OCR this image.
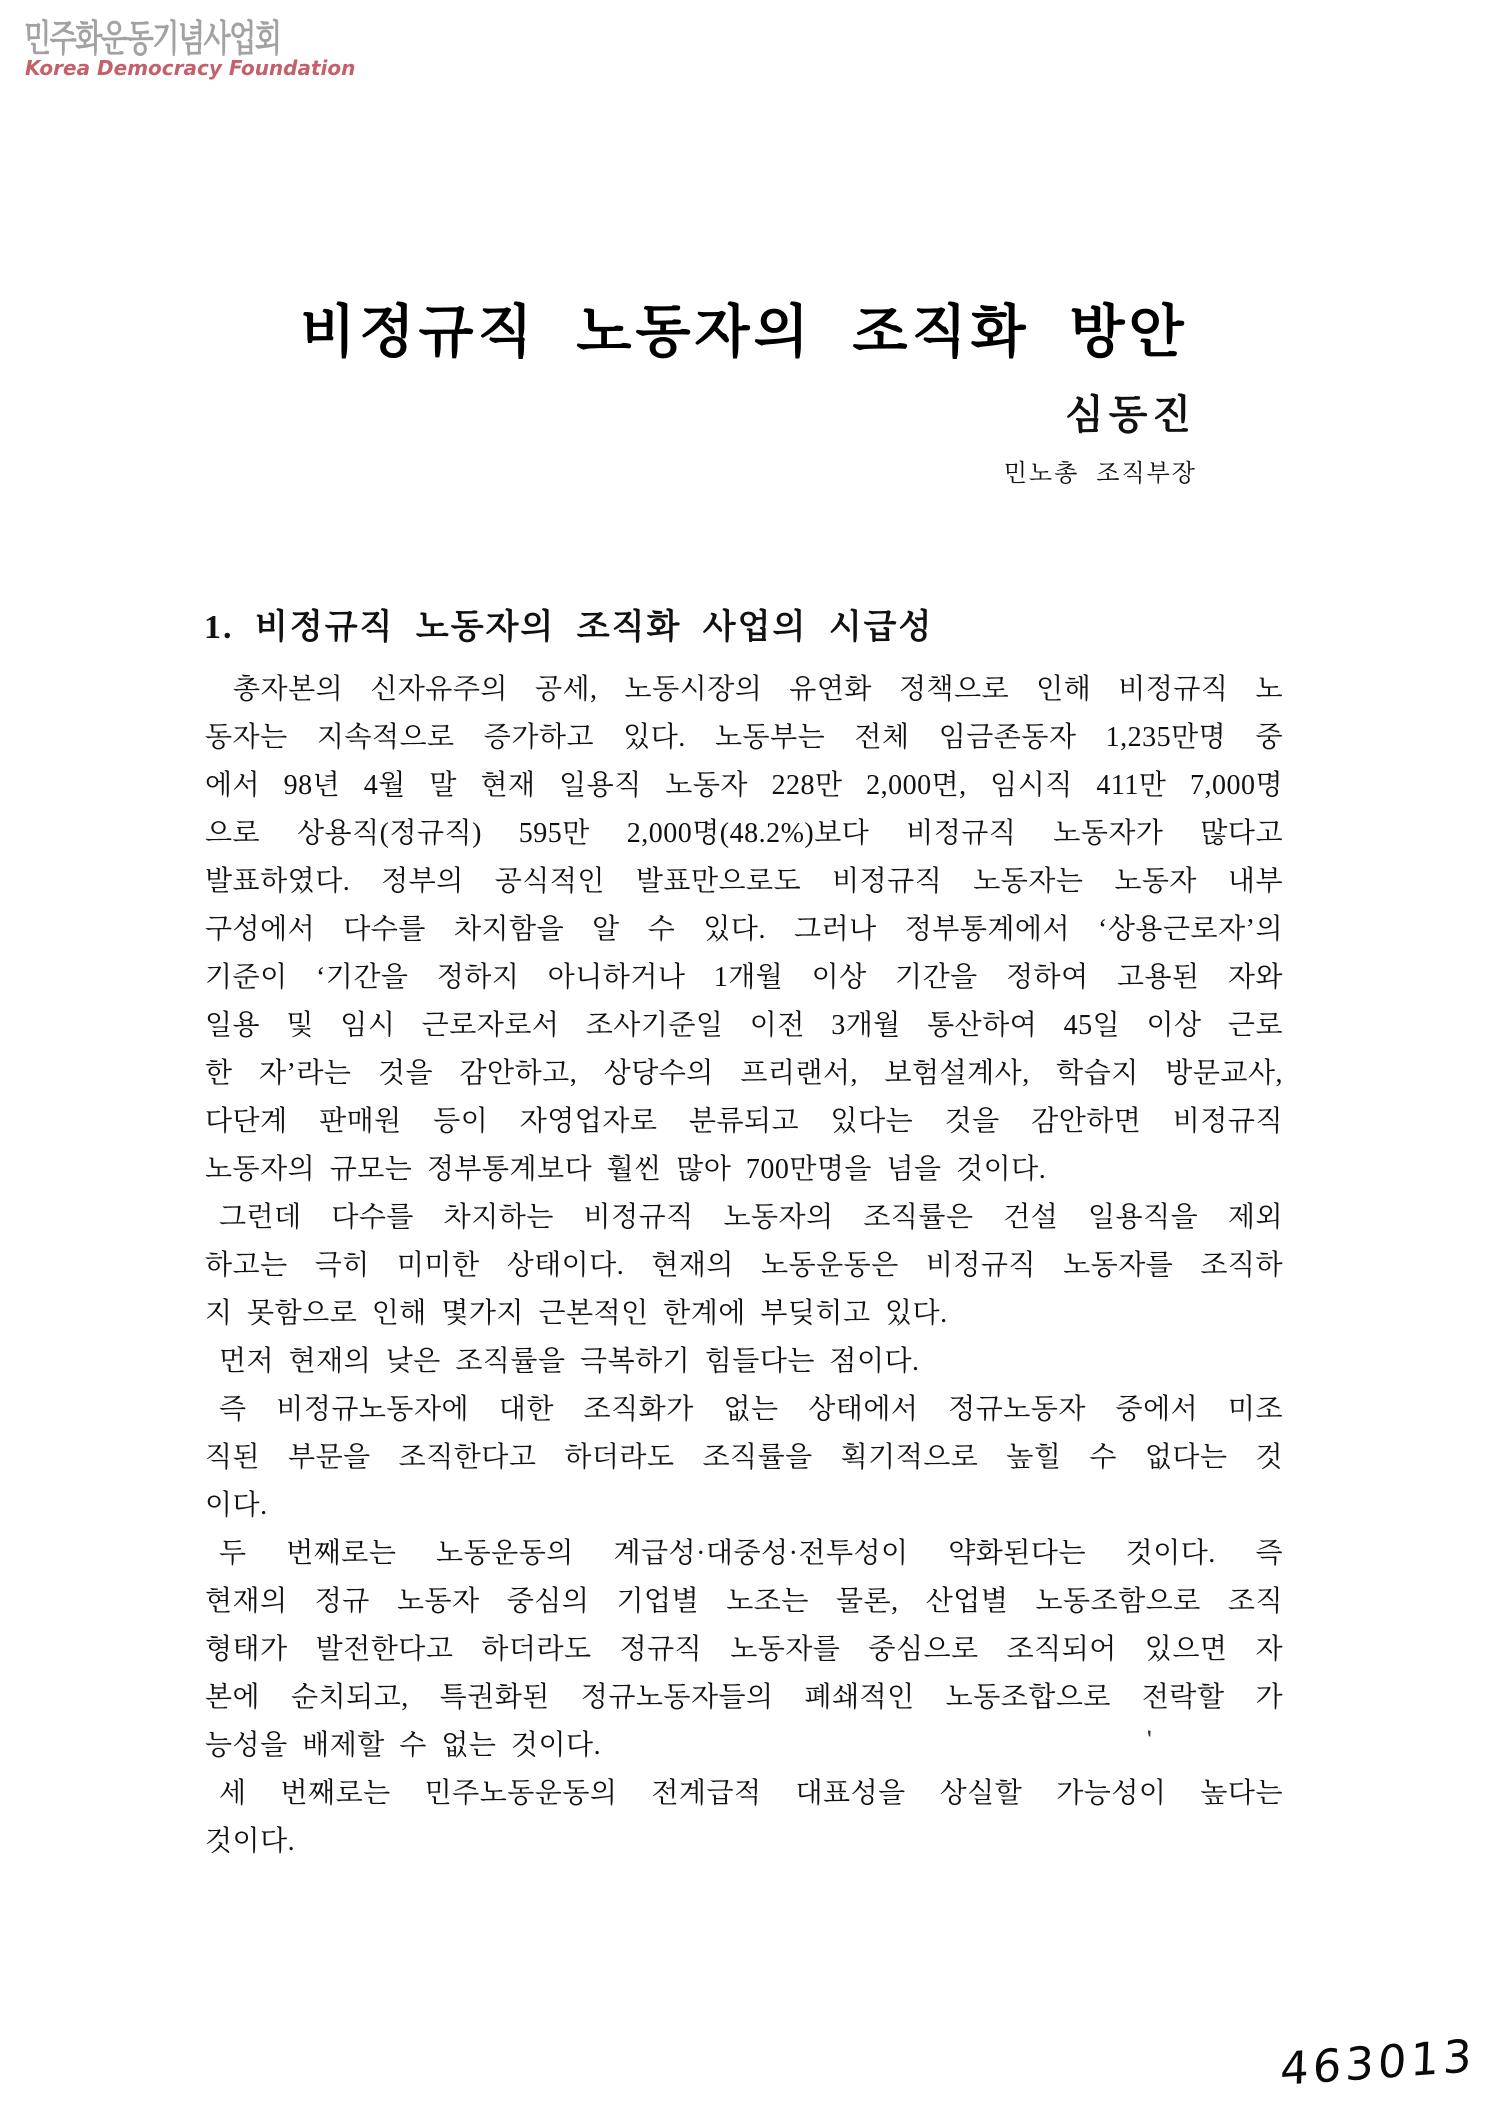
민주화운동기념사업회
Korea Democracy Foundation
비정규직 노동자의 조직화 방안
심동진
민노총 조직부장
1. 비정규직 노동자의 조직화 사업의 시급성
총자본의 신자유주의 공세, 노동시장의 유연화 정책으로 인해 비정규직 노
동자는 지속적으로 증가하고 있다. 노동부는 전체 임금존동자 1,235만명 중
에서 98년 4월 말 현재 일용직 노동자 228만 2,000면, 임시직 411만 7,000명
으로 상용직(정규직) 595만 2,000명(48.2%)보다 비정규직 노동자가 많다고
발표하였다. 정부의 공식적인 발표만으로도 비정규직 노동자는 노동자 내부
구성에서 다수를 차지함을 알 수 있다. 그러나 정부통계에서 ‘상용근로자’의
기준이 ‘기간을 정하지 아니하거나 1개월 이상 기간을 정하여 고용된 자와
일용 및 임시 근로자로서 조사기준일 이전 3개월 통산하여 45일 이상 근로
한 자’라는 것을 감안하고, 상당수의 프리랜서, 보험설계사, 학습지 방문교사,
다단계 판매원 등이 자영업자로 분류되고 있다는 것을 감안하면 비정규직
노동자의 규모는 정부통계보다 훨씬 많아 700만명을 넘을 것이다.
그런데 다수를 차지하는 비정규직 노동자의 조직률은 건설 일용직을 제외
하고는 극히 미미한 상태이다. 현재의 노동운동은 비정규직 노동자를 조직하
지 못함으로 인해 몇가지 근본적인 한계에 부딪히고 있다.
먼저 현재의 낮은 조직률을 극복하기 힘들다는 점이다.
즉 비정규노동자에 대한 조직화가 없는 상태에서 정규노동자 중에서 미조
직된 부문을 조직한다고 하더라도 조직률을 획기적으로 높힐 수 없다는 것
이다.
두 번째로는 노동운동의 계급성·대중성·전투성이 약화된다는 것이다. 즉
현재의 정규 노동자 중심의 기업별 노조는 물론, 산업별 노동조함으로 조직
형태가 발전한다고 하더라도 정규직 노동자를 중심으로 조직되어 있으면 자
본에 순치되고, 특권화된 정규노동자들의 폐쇄적인 노동조합으로 전락할 가
능성을 배제할 수 없는 것이다.
세 번째로는 민주노동운동의 전계급적 대표성을 상실할 가능성이 높다는
것이다.
‛
463013
